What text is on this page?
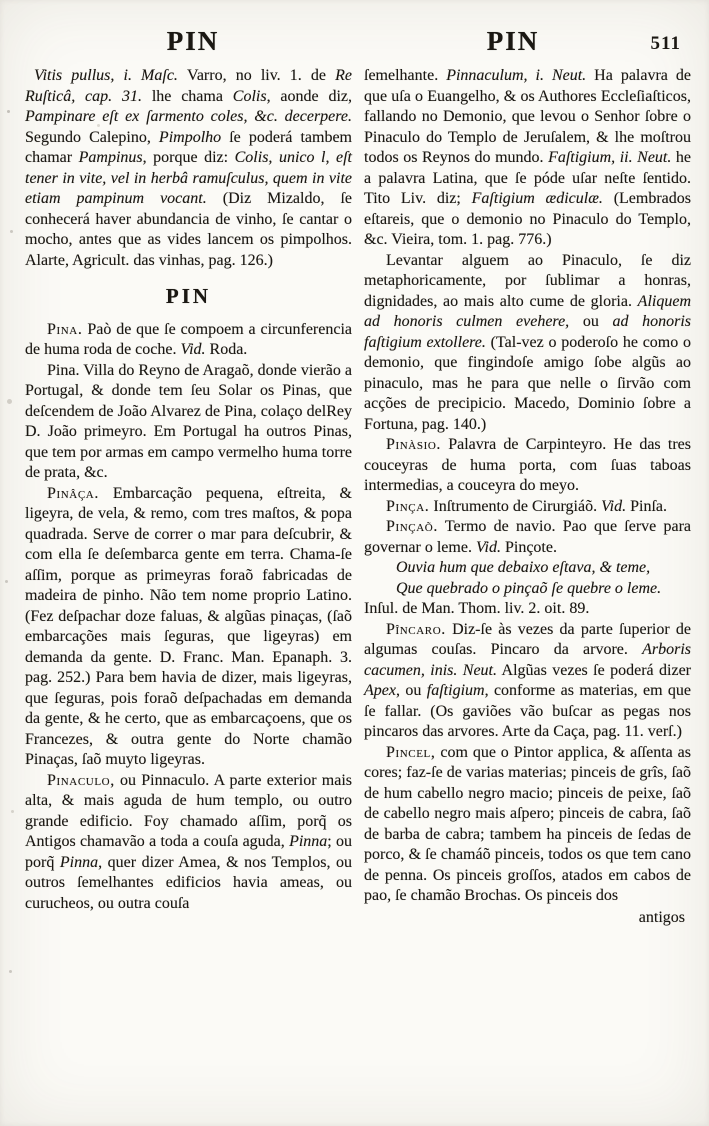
PIN	PIN	511

Vitis pullus, i. Maſc. Varro, no liv. 1. de Re Ruſticâ, cap. 31. lhe chama Colis, aonde diz, Pampinare eſt ex ſarmento coles, &c. decerpere. Segundo Calepino, Pimpolho ſe poderá tambem chamar Pampinus, porque diz: Colis, unico l, eſt tener in vite, vel in herbâ ramuſculus, quem in vite etiam pampinum vocant. (Diz Mizaldo, ſe conhecerá haver abundancia de vinho, ſe cantar o mocho, antes que as vides lancem os pimpolhos. Alarte, Agricult. das vinhas, pag. 126.)

PIN

Pina. Paò de que ſe compoem a circunferencia de huma roda de coche. Vid. Roda.

Pina. Villa do Reyno de Aragaõ, donde vierão a Portugal, & donde tem ſeu Solar os Pinas, que deſcendem de João Alvarez de Pina, colaço delRey D. João primeyro. Em Portugal ha outros Pinas, que tem por armas em campo vermelho huma torre de prata, &c.

Pinâça. Embarcação pequena, eſtreita, & ligeyra, de vela, & remo, com tres maſtos, & popa quadrada. Serve de correr o mar para deſcubrir, & com ella ſe deſembarca gente em terra. Chama-ſe aſſim, porque as primeyras foraõ fabricadas de madeira de pinho. Não tem nome proprio Latino. (Fez deſpachar doze faluas, & algũas pinaças, (ſaõ embarcações mais ſeguras, que ligeyras) em demanda da gente. D. Franc. Man. Epanaph. 3. pag. 252.) Para bem havia de dizer, mais ligeyras, que ſeguras, pois foraõ deſpachadas em demanda da gente, & he certo, que as embarcaçoens, que os Francezes, & outra gente do Norte chamão Pinaças, ſaõ muyto ligeyras.

Pinaculo, ou Pinnaculo. A parte exterior mais alta, & mais aguda de hum templo, ou outro grande edificio. Foy chamado aſſim, porq̃ os Antigos chamavão a toda a couſa aguda, Pinna; ou porq̃ Pinna, quer dizer Amea, & nos Templos, ou outros ſemelhantes edificios havia ameas, ou curucheos, ou outra couſa

ſemelhante. Pinnaculum, i. Neut. Ha palavra de que uſa o Euangelho, & os Authores Eccleſiaſticos, fallando no Demonio, que levou o Senhor ſobre o Pinaculo do Templo de Jeruſalem, & lhe moſtrou todos os Reynos do mundo. Faſtigium, ii. Neut. he a palavra Latina, que ſe póde uſar neſte ſentido. Tito Liv. diz; Faſtigium ædiculæ. (Lembrados eſtareis, que o demonio no Pinaculo do Templo, &c. Vieira, tom. 1. pag. 776.)

Levantar alguem ao Pinaculo, ſe diz metaphoricamente, por ſublimar a honras, dignidades, ao mais alto cume de gloria. Aliquem ad honoris culmen evehere, ou ad honoris faſtigium extollere. (Tal-vez o poderoſo he como o demonio, que fingindoſe amigo ſobe algũs ao pinaculo, mas he para que nelle o ſirvão com acções de precipicio. Macedo, Dominio ſobre a Fortuna, pag. 140.)

Pinàsio. Palavra de Carpinteyro. He das tres couceyras de huma porta, com ſuas taboas intermedias, a couceyra do meyo.

Pinça. Inſtrumento de Cirurgiáõ. Vid. Pinſa.

Pinçaõ. Termo de navio. Pao que ſerve para governar o leme. Vid. Pinçote.

Ouvia hum que debaixo eſtava, & teme,

Que quebrado o pinçaõ ſe quebre o leme.

Inſul. de Man. Thom. liv. 2. oit. 89.

Pîncaro. Diz-ſe às vezes da parte ſuperior de algumas couſas. Pincaro da arvore. Arboris cacumen, inis. Neut. Algũas vezes ſe poderá dizer Apex, ou faſtigium, conforme as materias, em que ſe fallar. (Os gaviões vão buſcar as pegas nos pincaros das arvores. Arte da Caça, pag. 11. verſ.)

Pincel, com que o Pintor applica, & aſſenta as cores; faz-ſe de varias materias; pinceis de grîs, ſaõ de hum cabello negro macio; pinceis de peixe, ſaõ de cabello negro mais aſpero; pinceis de cabra, ſaõ de barba de cabra; tambem ha pinceis de ſedas de porco, & ſe chamáõ pinceis, todos os que tem cano de penna. Os pinceis groſſos, atados em cabos de pao, ſe chamão Brochas. Os pinceis dos

antigos
